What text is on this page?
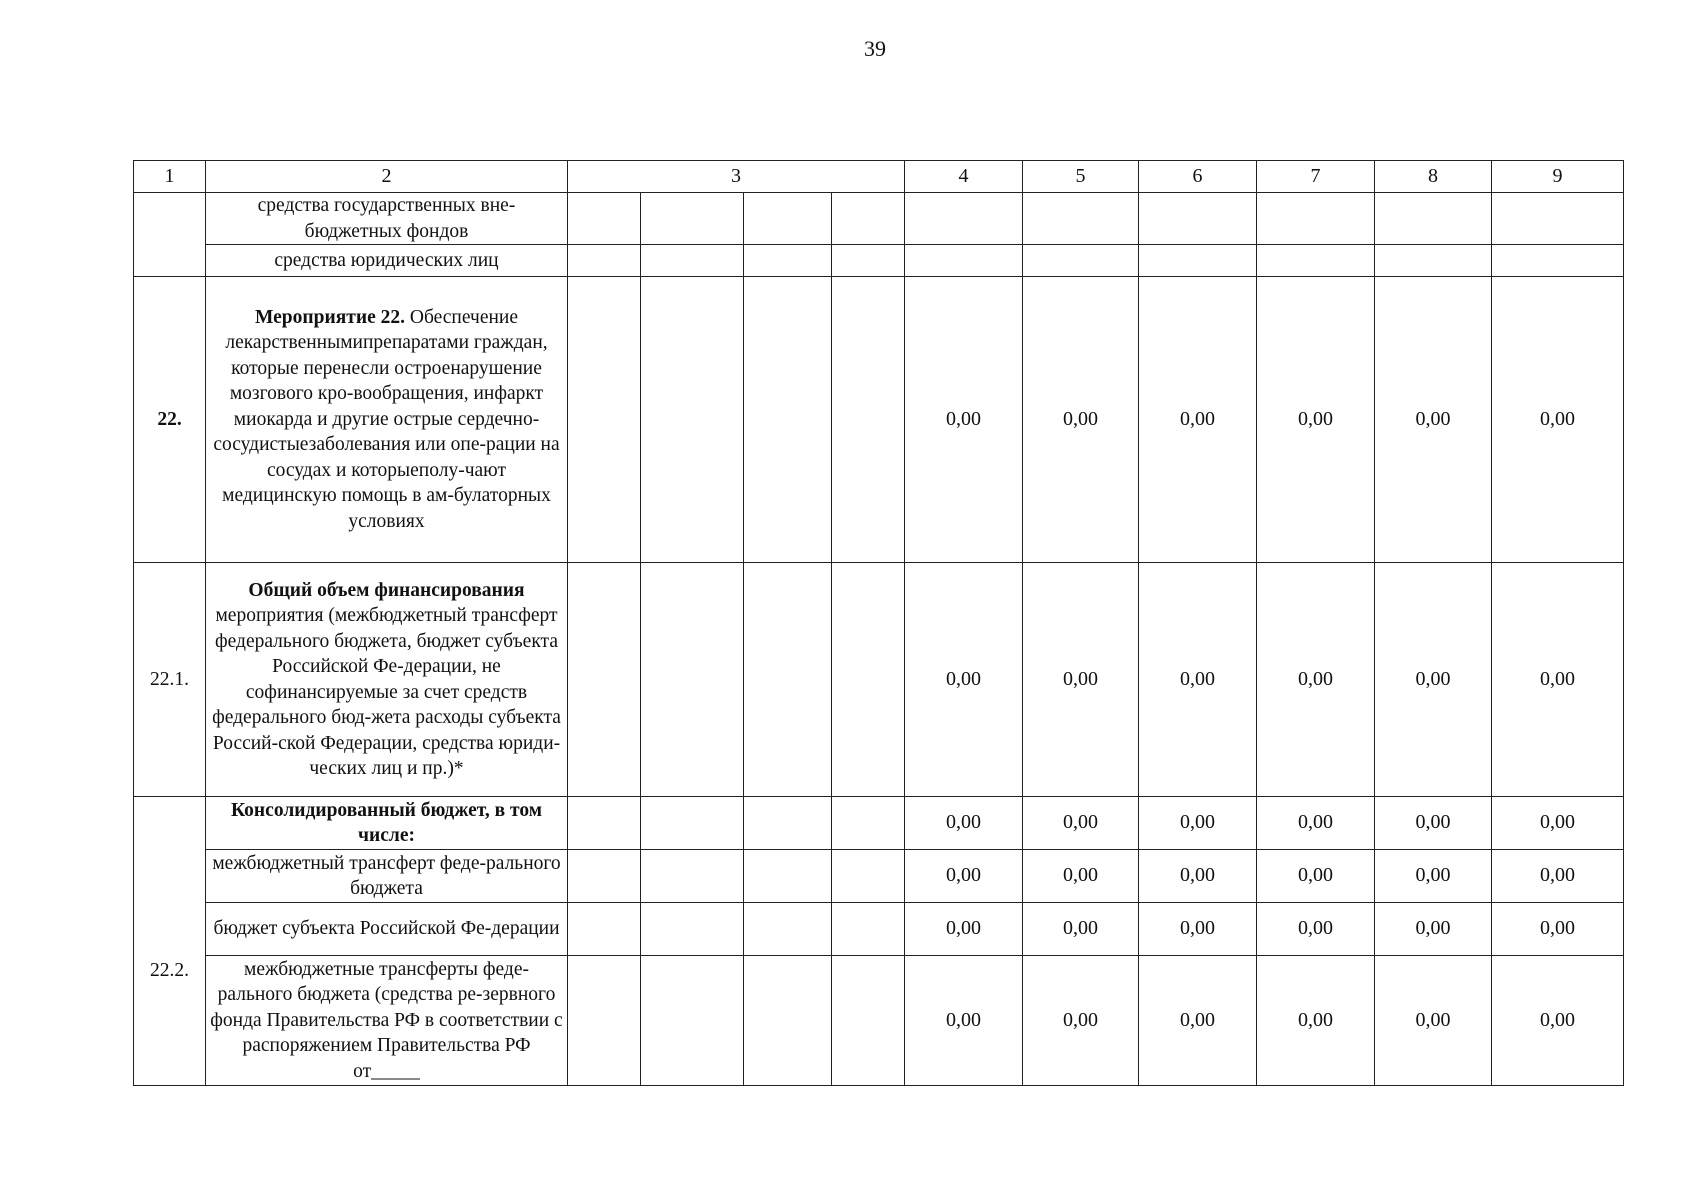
39
1	2	3				4	5	6	7	8	9
	средства государственных вне-бюджетных фондов										
	средства юридических лиц										
22.	Мероприятие 22. Обеспечение лекарственнымипрепаратами граждан, которые перенесли остроенарушение мозгового кро-вообращения, инфаркт миокарда и другие острые сердечно-сосудистыезаболевания или опе-рации на сосудах и которыеполу-чают медицинскую помощь в ам-булаторных условиях					0,00	0,00	0,00	0,00	0,00	0,00
22.1.	Общий объем финансирования мероприятия (межбюджетный трансферт федерального бюджета, бюджет субъекта Российской Фе-дерации, не софинансируемые за счет средств федерального бюд-жета расходы субъекта Россий-ской Федерации, средства юриди-ческих лиц и пр.)*					0,00	0,00	0,00	0,00	0,00	0,00
22.2.	Консолидированный бюджет, в том числе:					0,00	0,00	0,00	0,00	0,00	0,00
	межбюджетный трансферт феде-рального бюджета					0,00	0,00	0,00	0,00	0,00	0,00
	бюджет субъекта Российской Фе-дерации					0,00	0,00	0,00	0,00	0,00	0,00
	межбюджетные трансферты феде-рального бюджета (средства ре-зервного фонда Правительства РФ в соответствии с распоряжением Правительства РФ от_____					0,00	0,00	0,00	0,00	0,00	0,00
